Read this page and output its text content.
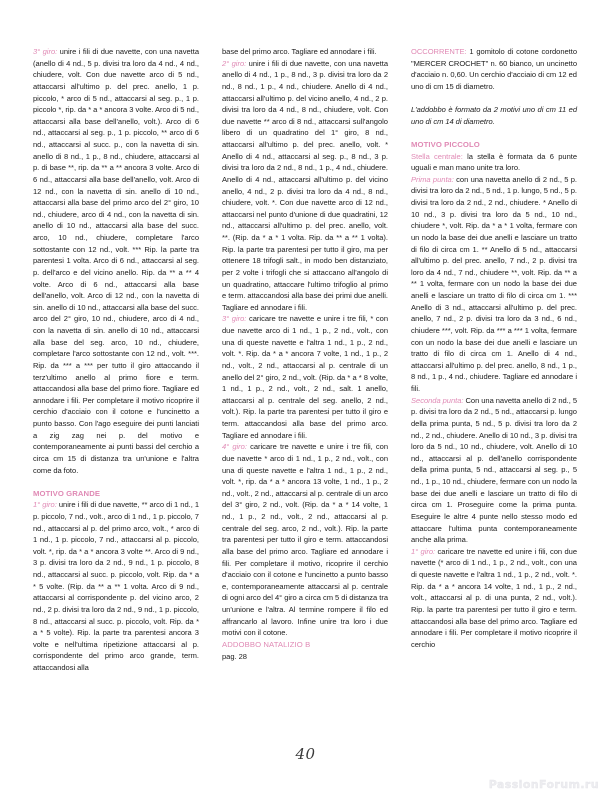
3° giro: unire i fili di due navette, con una navetta (anello di 4 nd., 5 p. divisi tra loro da 4 nd., 4 nd., chiudere, volt. Con due navette arco di 5 nd., attaccarsi all'ultimo p. del prec. anello, 1 p. piccolo, * arco di 5 nd., attaccarsi al seg. p., 1 p. piccolo *, rip. da * a * ancora 3 volte. Arco di 5 nd., attaccarsi alla base dell'anello, volt.). Arco di 6 nd., attaccarsi al seg. p., 1 p. piccolo, ** arco di 6 nd., attaccarsi al succ. p., con la navetta di sin. anello di 8 nd., 1 p., 8 nd., chiudere, attaccarsi al p. di base **, rip. da ** a ** ancora 3 volte. Arco di 6 nd., attaccarsi alla base dell'anello, volt. Arco di 12 nd., con la navetta di sin. anello di 10 nd., attaccarsi alla base del primo arco del 2° giro, 10 nd., chiudere, arco di 4 nd., con la navetta di sin. anello di 10 nd., attaccarsi alla base del succ. arco, 10 nd., chiudere, completare l'arco sottostante con 12 nd., volt. *** Rip. la parte tra parentesi 1 volta. Arco di 6 nd., attaccarsi al seg. p. dell'arco e del vicino anello. Rip. da ** a ** 4 volte. Arco di 6 nd., attaccarsi alla base dell'anello, volt. Arco di 12 nd., con la navetta di sin. anello di 10 nd., attaccarsi alla base del succ. arco del 2° giro, 10 nd., chiudere, arco di 4 nd., con la navetta di sin. anello di 10 nd., attaccarsi alla base del seg. arco, 10 nd., chiudere, completare l'arco sottostante con 12 nd., volt. ***. Rip. da *** a *** per tutto il giro attaccando il terz'ultimo anello al primo fiore e term. attaccandosi alla base del primo fiore. Tagliare ed annodare i fili. Per completare il motivo ricoprire il cerchio d'acciaio con il cotone e l'uncinetto a punto basso. Con l'ago eseguire dei punti lanciati a zig zag nei p. del motivo e contemporaneamente ai punti bassi del cerchio a circa cm 15 di distanza tra un'unione e l'altra come da foto.

MOTIVO GRANDE

1° giro: unire i fili di due navette, ** arco di 1 nd., 1 p. piccolo, 7 nd., volt., arco di 1 nd., 1 p. piccolo, 7 nd., attaccarsi al p. del primo arco, volt., * arco di 1 nd., 1 p. piccolo, 7 nd., attaccarsi al p. piccolo, volt. *, rip. da * a * ancora 3 volte **. Arco di 9 nd., 3 p. divisi tra loro da 2 nd., 9 nd., 1 p. piccolo, 8 nd., attaccarsi al succ. p. piccolo, volt. Rip. da * a * 5 volte. (Rip. da ** a ** 1 volta. Arco di 9 nd., attaccarsi al corrispondente p. del vicino arco, 2 nd., 2 p. divisi tra loro da 2 nd., 9 nd., 1 p. piccolo, 8 nd., attaccarsi al succ. p. piccolo, volt. Rip. da * a * 5 volte). Rip. la parte tra parentesi ancora 3 volte e nell'ultima ripetizione attaccarsi al p. corrispondente del primo arco grande, term. attaccandosi alla

base del primo arco. Tagliare ed annodare i fili.

2° giro: unire i fili di due navette, con una navetta anello di 4 nd., 1 p., 8 nd., 3 p. divisi tra loro da 2 nd., 8 nd., 1 p., 4 nd., chiudere. Anello di 4 nd., attaccarsi all'ultimo p. del vicino anello, 4 nd., 2 p. divisi tra loro da 4 nd., 8 nd., chiudere, volt. Con due navette ** arco di 8 nd., attaccarsi sull'angolo libero di un quadratino del 1° giro, 8 nd., attaccarsi all'ultimo p. del prec. anello, volt. * Anello di 4 nd., attaccarsi al seg. p., 8 nd., 3 p. divisi tra loro da 2 nd., 8 nd., 1 p., 4 nd., chiudere. Anello di 4 nd., attaccarsi all'ultimo p. del vicino anello, 4 nd., 2 p. divisi tra loro da 4 nd., 8 nd., chiudere, volt. *. Con due navette arco di 12 nd., attaccarsi nel punto d'unione di due quadratini, 12 nd., attaccarsi all'ultimo p. del prec. anello, volt. **. (Rip. da * a * 1 volta. Rip. da ** a ** 1 volta). Rip. la parte tra parentesi per tutto il giro, ma per ottenere 18 trifogli salt., in modo ben distanziato, per 2 volte i trifogli che si attaccano all'angolo di un quadratino, attaccare l'ultimo trifoglio al primo e term. attaccandosi alla base dei primi due anelli. Tagliare ed annodare i fili.

3° giro: caricare tre navette e unire i tre fili, * con due navette arco di 1 nd., 1 p., 2 nd., volt., con una di queste navette e l'altra 1 nd., 1 p., 2 nd., volt. *. Rip. da * a * ancora 7 volte, 1 nd., 1 p., 2 nd., volt., 2 nd., attaccarsi al p. centrale di un anello del 2° giro, 2 nd., volt. (Rip. da * a * 8 volte, 1 nd., 1 p., 2 nd., volt., 2 nd., salt. 1 anello, attaccarsi al p. centrale del seg. anello, 2 nd., volt.). Rip. la parte tra parentesi per tutto il giro e term. attaccandosi alla base del primo arco. Tagliare ed annodare i fili.

4° giro: caricare tre navette e unire i tre fili, con due navette * arco di 1 nd., 1 p., 2 nd., volt., con una di queste navette e l'altra 1 nd., 1 p., 2 nd., volt. *, rip. da * a * ancora 13 volte, 1 nd., 1 p., 2 nd., volt., 2 nd., attaccarsi al p. centrale di un arco del 3° giro, 2 nd., volt. (Rip. da * a * 14 volte, 1 nd., 1 p., 2 nd., volt., 2 nd., attaccarsi al p. centrale del seg. arco, 2 nd., volt.). Rip. la parte tra parentesi per tutto il giro e term. attaccandosi alla base del primo arco. Tagliare ed annodare i fili. Per completare il motivo, ricoprire il cerchio d'acciaio con il cotone e l'uncinetto a punto basso e, contemporaneamente attaccarsi al p. centrale di ogni arco del 4° giro a circa cm 5 di distanza tra un'unione e l'altra. Al termine rompere il filo ed affrancarlo al lavoro. Infine unire tra loro i due motivi con il cotone.

ADDOBBO NATALIZIO B

pag. 28

OCCORRENTE: 1 gomitolo di cotone cordonetto "MERCER CROCHET" n. 60 bianco, un uncinetto d'acciaio n. 0,60. Un cerchio d'acciaio di cm 12 ed uno di cm 15 di diametro.

L'addobbo è formato da 2 motivi uno di cm 11 ed uno di cm 14 di diametro.

MOTIVO PICCOLO

Stella centrale: la stella è formata da 6 punte uguali e man mano unite tra loro.

Prima punta: con una navetta anello di 2 nd., 5 p. divisi tra loro da 2 nd., 5 nd., 1 p. lungo, 5 nd., 5 p. divisi tra loro da 2 nd., 2 nd., chiudere. * Anello di 10 nd., 3 p. divisi tra loro da 5 nd., 10 nd., chiudere *, volt. Rip. da * a * 1 volta, fermare con un nodo la base dei due anelli e lasciare un tratto di filo di circa cm 1. ** Anello di 5 nd., attaccarsi all'ultimo p. del prec. anello, 7 nd., 2 p. divisi tra loro da 4 nd., 7 nd., chiudere **, volt. Rip. da ** a ** 1 volta, fermare con un nodo la base dei due anelli e lasciare un tratto di filo di circa cm 1. *** Anello di 3 nd., attaccarsi all'ultimo p. del prec. anello, 7 nd., 2 p. divisi tra loro da 3 nd., 6 nd., chiudere ***, volt. Rip. da *** a *** 1 volta, fermare con un nodo la base dei due anelli e lasciare un tratto di filo di circa cm 1. Anello di 4 nd., attaccarsi all'ultimo p. del prec. anello, 8 nd., 1 p., 8 nd., 1 p., 4 nd., chiudere. Tagliare ed annodare i fili.

Seconda punta: Con una navetta anello di 2 nd., 5 p. divisi tra loro da 2 nd., 5 nd., attaccarsi p. lungo della prima punta, 5 nd., 5 p. divisi tra loro da 2 nd., 2 nd., chiudere. Anello di 10 nd., 3 p. divisi tra loro da 5 nd., 10 nd., chiudere, volt. Anello di 10 nd., attaccarsi al p. dell'anello corrispondente della prima punta, 5 nd., attaccarsi al seg. p., 5 nd., 1 p., 10 nd., chiudere, fermare con un nodo la base dei due anelli e lasciare un tratto di filo di circa cm 1. Proseguire come la prima punta. Eseguire le altre 4 punte nello stesso modo ed attaccare l'ultima punta contemporaneamente anche alla prima.

1° giro: caricare tre navette ed unire i fili, con due navette (* arco di 1 nd., 1 p., 2 nd., volt., con una di queste navette e l'altra 1 nd., 1 p., 2 nd., volt. *. Rip. da * a * ancora 14 volte, 1 nd., 1 p., 2 nd., volt., attaccarsi al p. di una punta, 2 nd., volt.). Rip. la parte tra parentesi per tutto il giro e term. attaccandosi alla base del primo arco. Tagliare ed annodare i fili. Per completare il motivo ricoprire il cerchio

40
PassionForum.ru
